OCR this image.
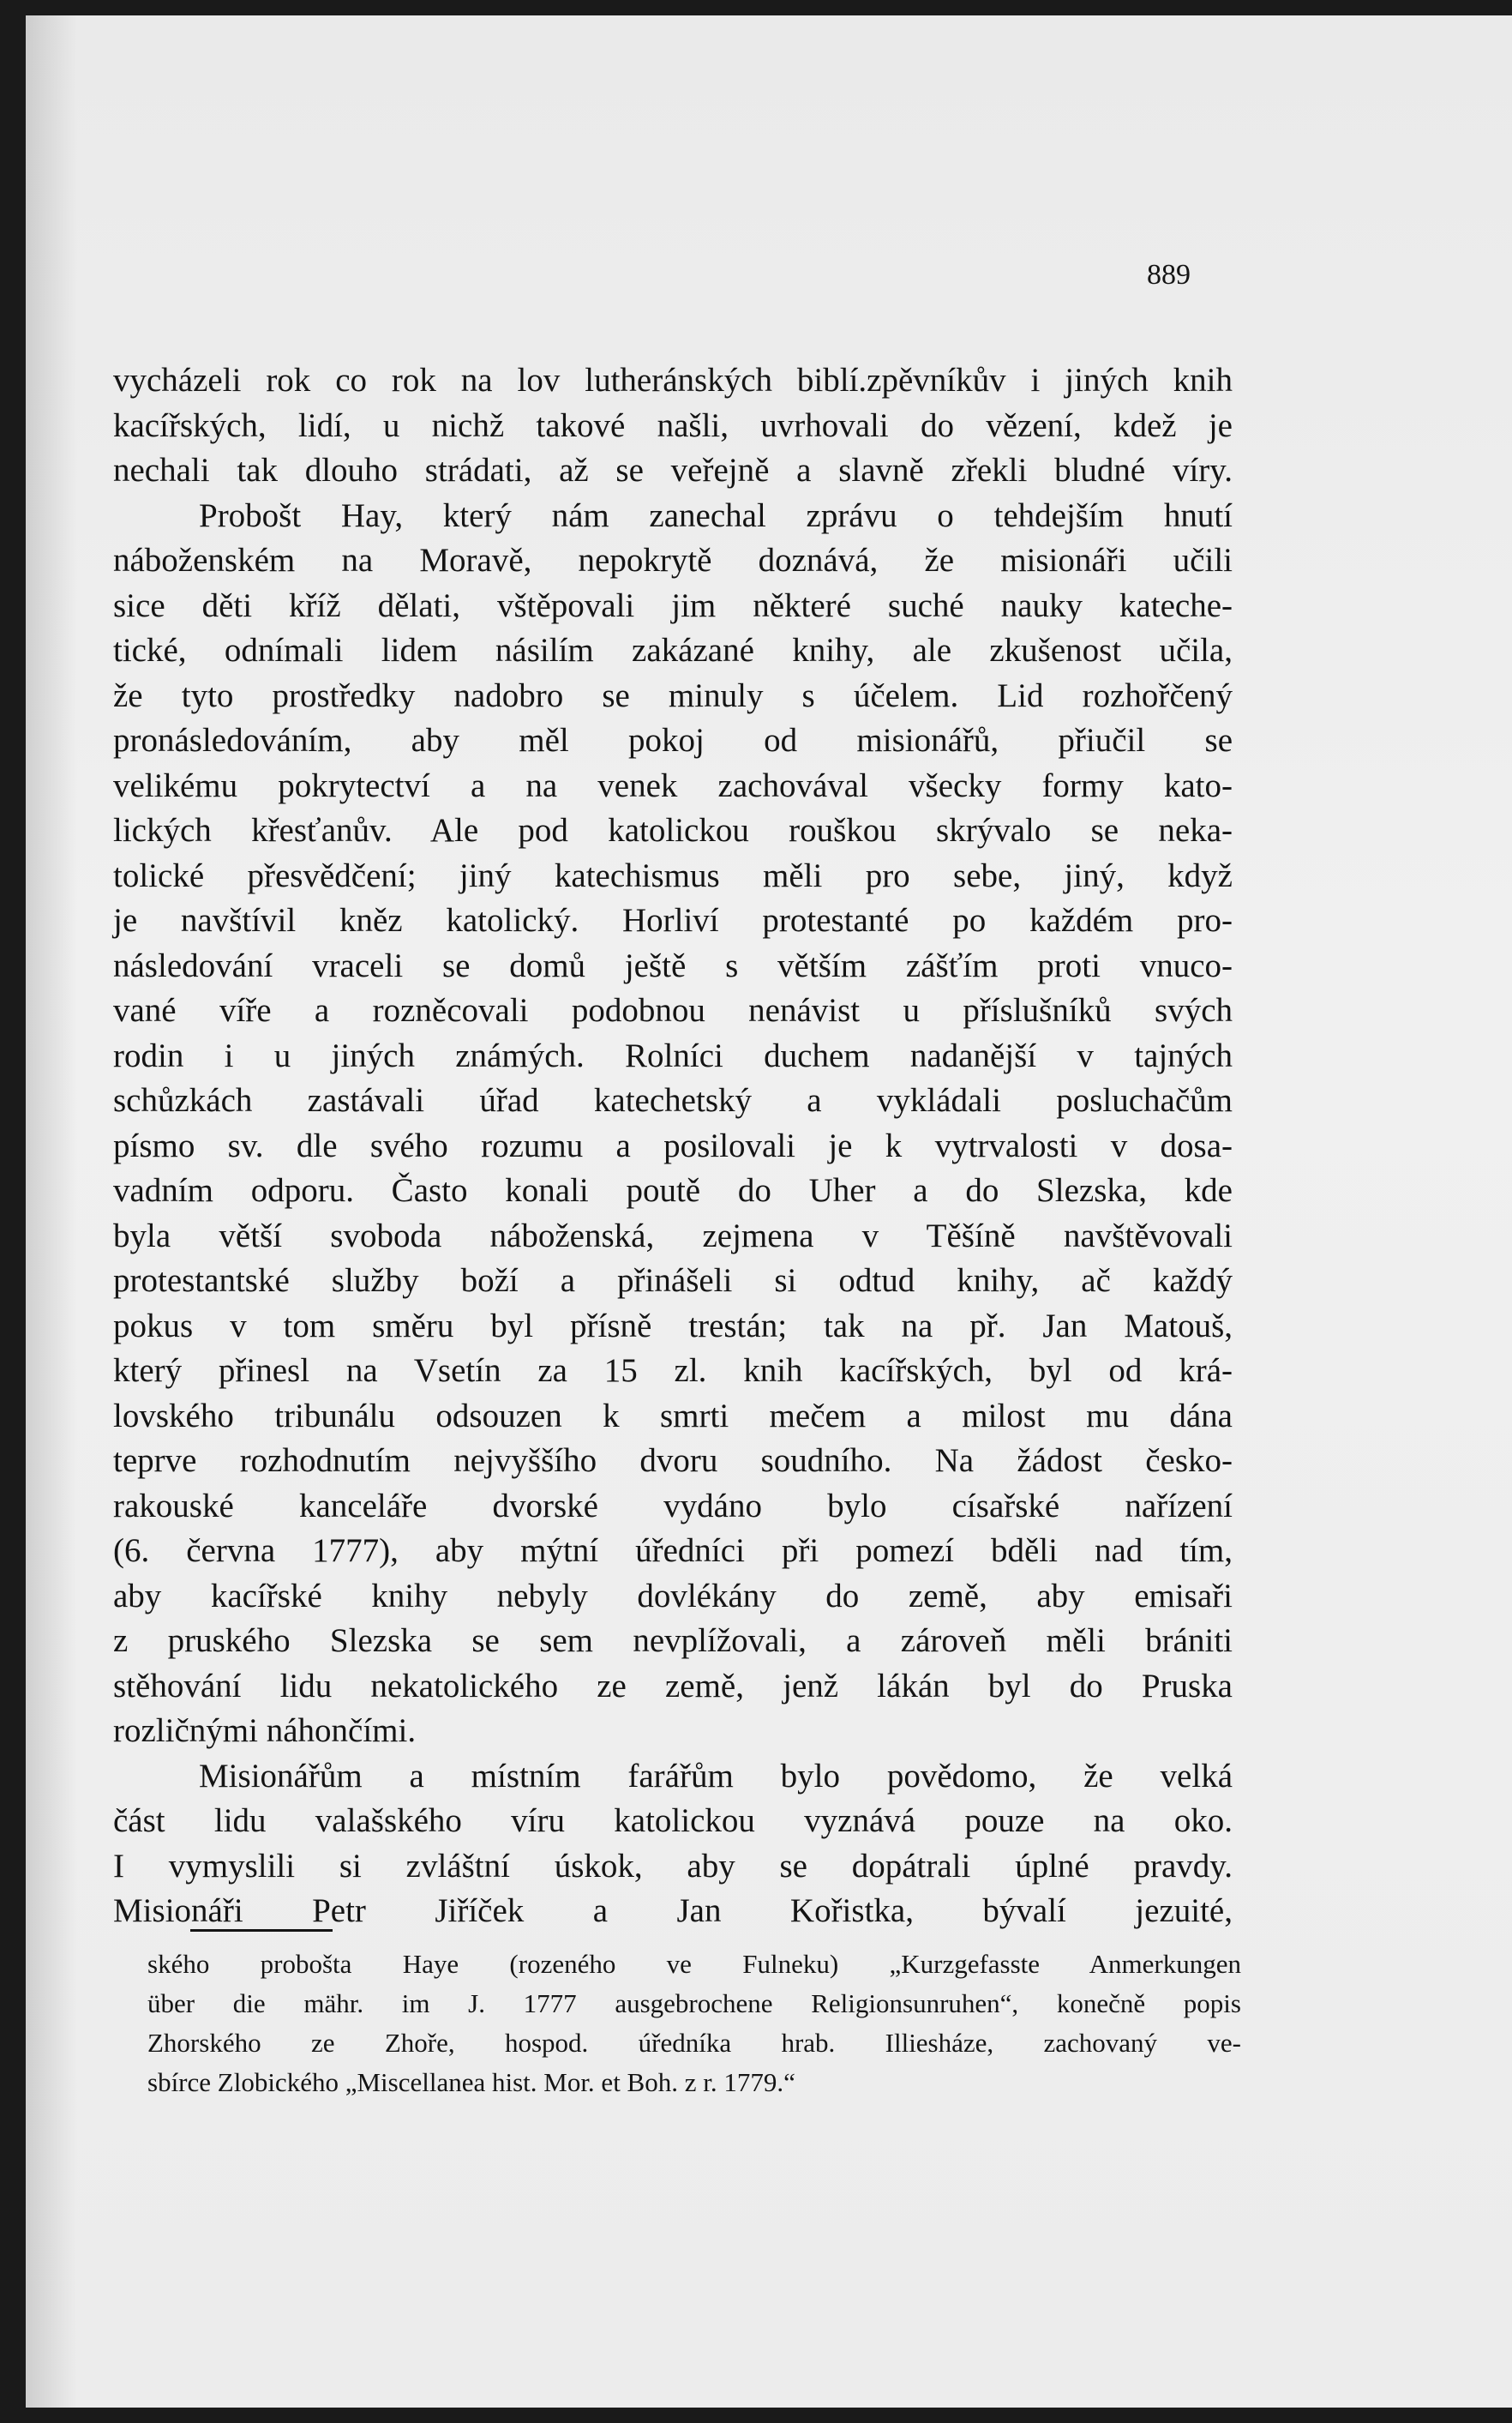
889
vycházeli rok co rok na lov lutheránských biblí.zpěvníkův i jiných knih
kacířských, lidí, u nichž takové našli, uvrhovali do vězení, kdež je
nechali tak dlouho strádati, až se veřejně a slavně zřekli bludné víry.
Probošt Hay, který nám zanechal zprávu o tehdejším hnutí
náboženském na Moravě, nepokrytě doznává, že misionáři učili
sice děti kříž dělati, vštěpovali jim některé suché nauky kateche-
tické, odnímali lidem násilím zakázané knihy, ale zkušenost učila,
že tyto prostředky nadobro se minuly s účelem. Lid rozhořčený
pronásledováním, aby měl pokoj od misionářů, přiučil se
velikému pokrytectví a na venek zachovával všecky formy kato-
lických křesťanův. Ale pod katolickou rouškou skrývalo se neka-
tolické přesvědčení; jiný katechismus měli pro sebe, jiný, když
je navštívil kněz katolický. Horliví protestanté po každém pro-
následování vraceli se domů ještě s větším zášťím proti vnucο-
vané víře a rozněcovali podobnou nenávist u příslušníků svých
rodin i u jiných známých. Rolníci duchem nadanější v tajných
schůzkách zastávali úřad katechetský a vykládali posluchačům
písmo sv. dle svého rozumu a posilovali je k vytrvalosti v dosa-
vadním odporu. Často konali poutě do Uher a do Slezska, kde
byla větší svoboda náboženská, zejmena v Těšíně navštěvovali
protestantské služby boží a přinášeli si odtud knihy, ač každý
pokus v tom směru byl přísně trestán; tak na př. Jan Matouš,
který přinesl na Vsetín za 15 zl. knih kacířských, byl od krá-
lovského tribunálu odsouzen k smrti mečem a milost mu dána
teprve rozhodnutím nejvyššího dvoru soudního. Na žádost česko-
rakouské kanceláře dvorské vydáno bylo císařské nařízení
(6. června 1777), aby mýtní úředníci při pomezí bděli nad tím,
aby kacířské knihy nebyly dovlékány do země, aby emisaři
z pruského Slezska se sem nevplížovali, a zároveň měli brániti
stěhování lidu nekatolického ze země, jenž lákán byl do Pruska
rozličnými náhončími.
Misionářům a místním farářům bylo povědomo, že velká
část lidu valašského víru katolickou vyznává pouze na oko.
I vymyslili si zvláštní úskok, aby se dopátrali úplné pravdy.
Misionáři Petr Jiříček a Jan Kořistka, bývalí jezuité,
ského probošta Haye (rozeného ve Fulneku) „Kurzgefasste Anmerkungen
über die mähr. im J. 1777 ausgebrochene Religionsunruhen“, konečně popis
Zhorského ze Zhoře, hospod. úředníka hrab. Illiesháze, zachovaný ve-
sbírce Zlobického „Miscellanea hist. Mor. et Boh. z r. 1779.“
